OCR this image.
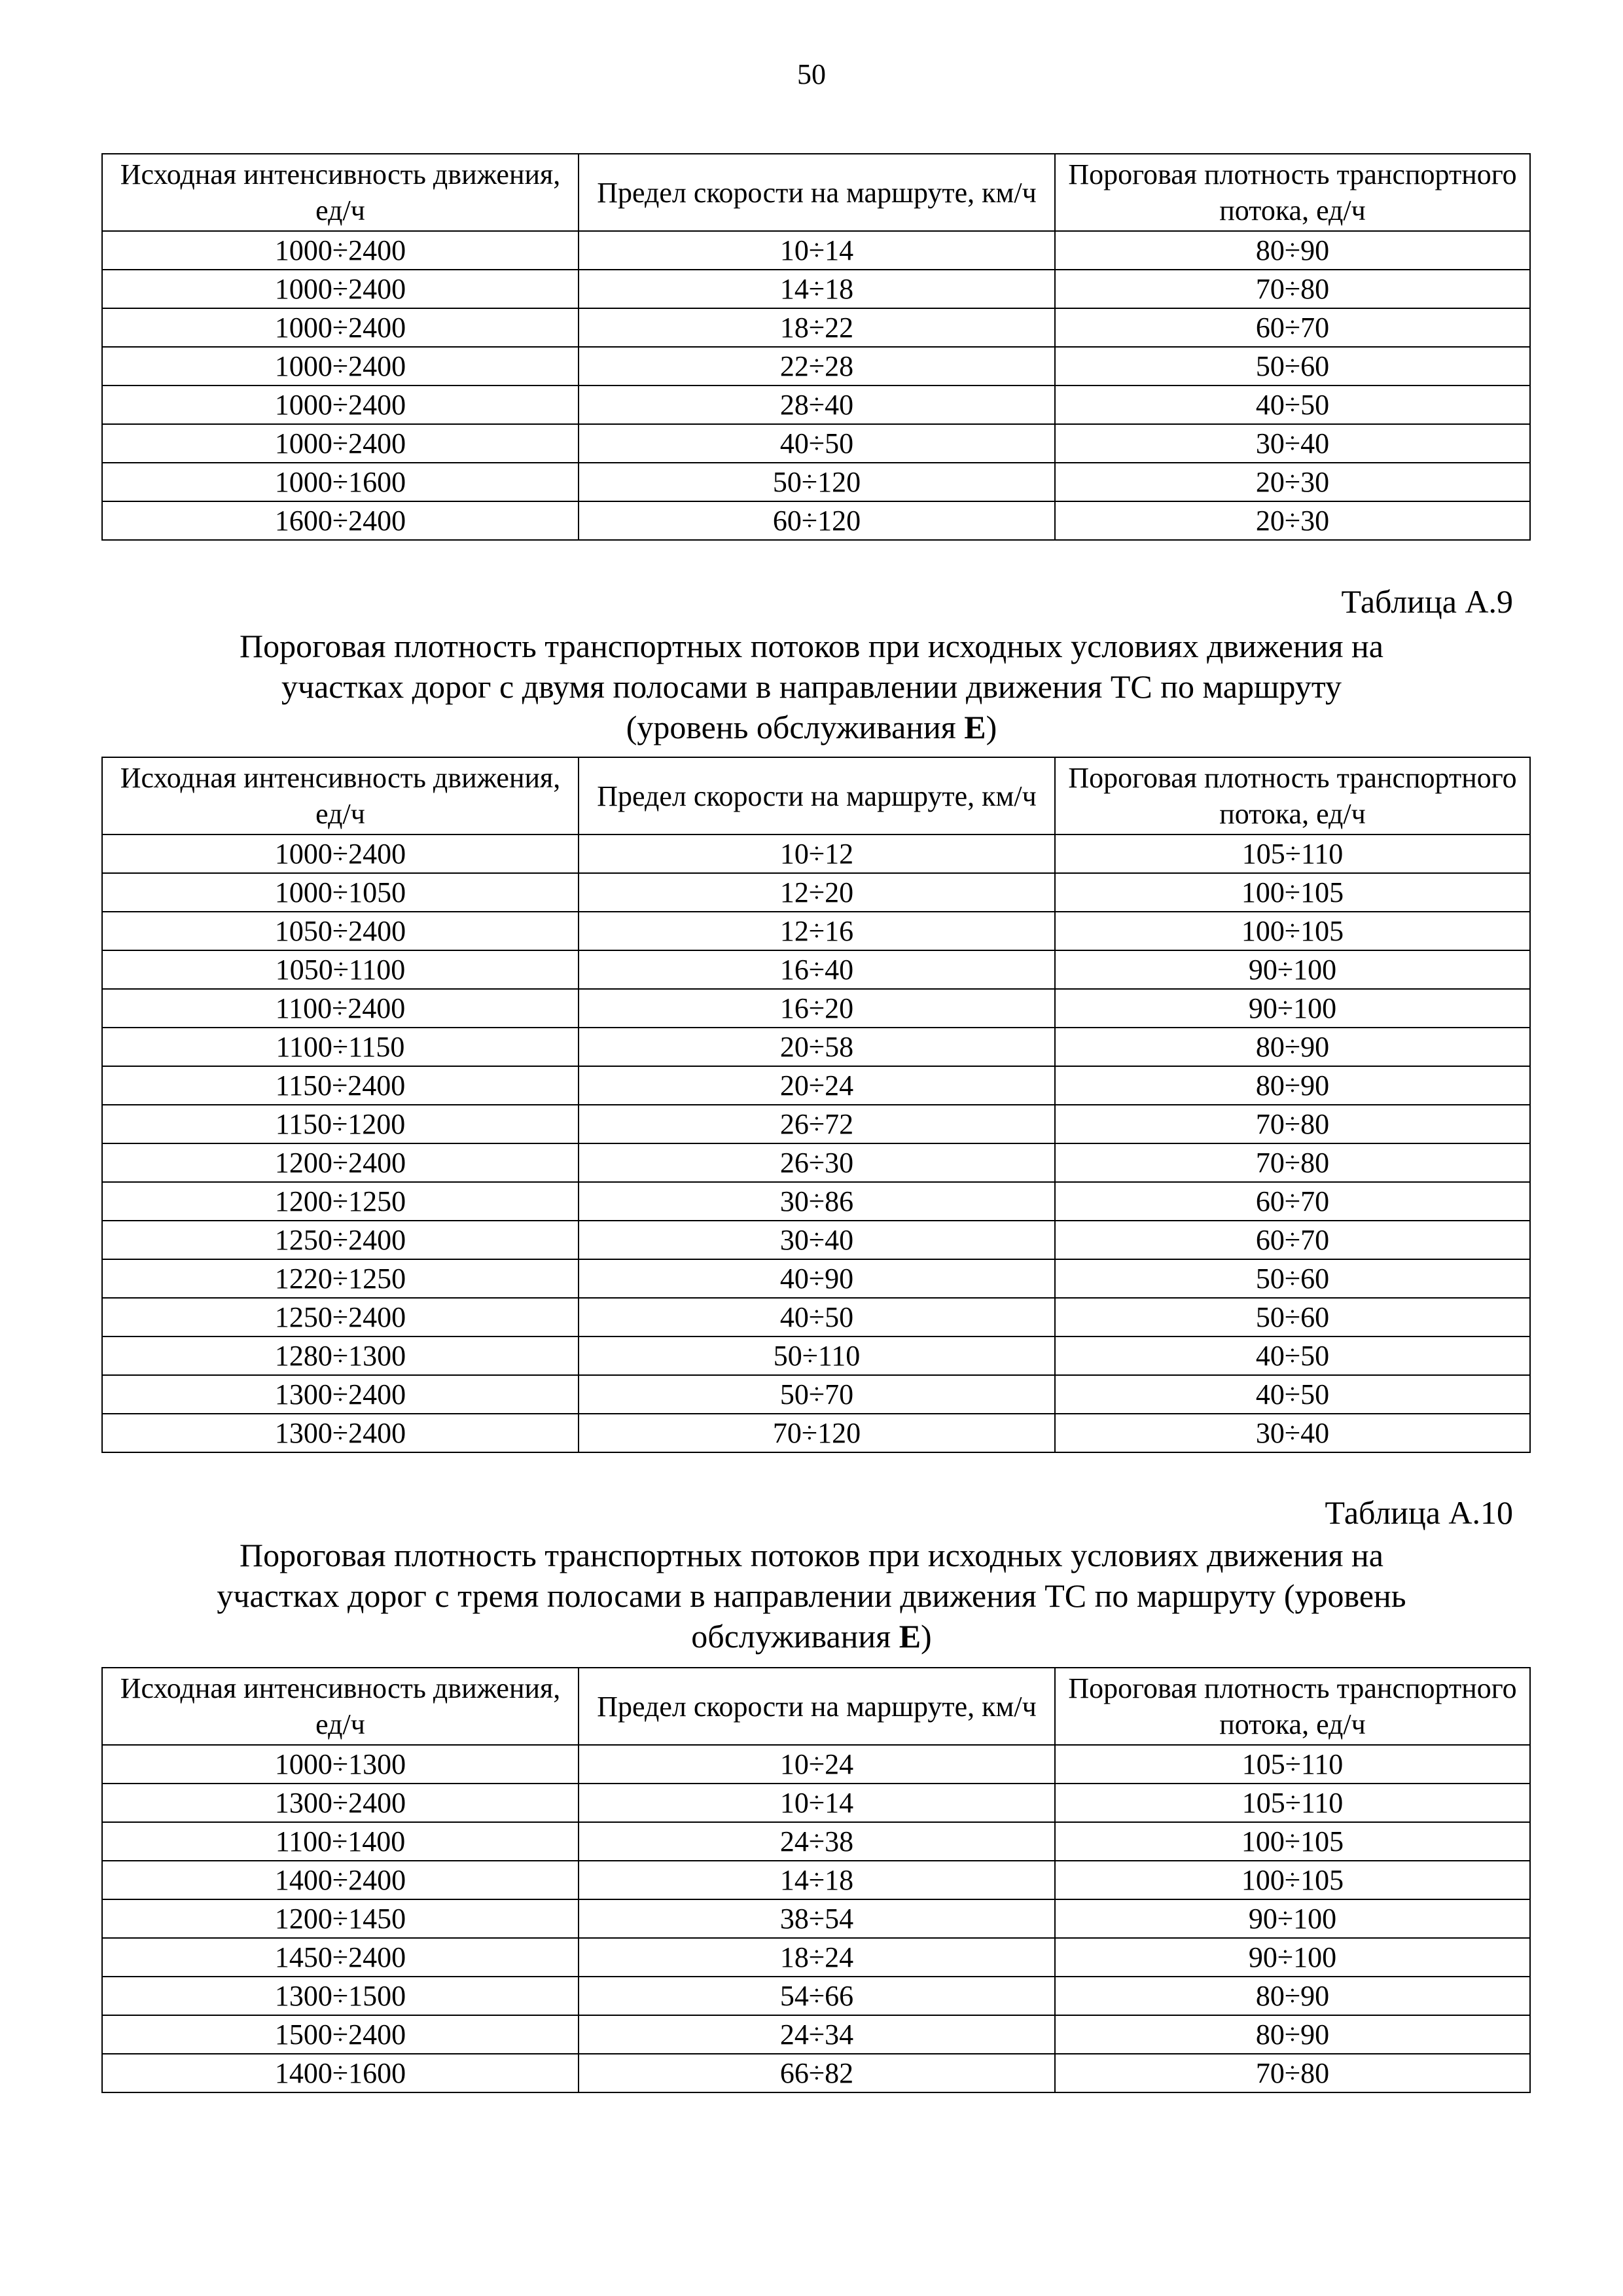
50
Исходная интенсивность движения, ед/ч	Предел скорости на маршруте, км/ч	Пороговая плотность транспортного потока, ед/ч
1000÷2400	10÷14	80÷90
1000÷2400	14÷18	70÷80
1000÷2400	18÷22	60÷70
1000÷2400	22÷28	50÷60
1000÷2400	28÷40	40÷50
1000÷2400	40÷50	30÷40
1000÷1600	50÷120	20÷30
1600÷2400	60÷120	20÷30
Таблица А.9
Пороговая плотность транспортных потоков при исходных условиях движения на
участках дорог с двумя полосами в направлении движения ТС по маршруту
(уровень обслуживания Е)
Исходная интенсивность движения, ед/ч	Предел скорости на маршруте, км/ч	Пороговая плотность транспортного потока, ед/ч
1000÷2400	10÷12	105÷110
1000÷1050	12÷20	100÷105
1050÷2400	12÷16	100÷105
1050÷1100	16÷40	90÷100
1100÷2400	16÷20	90÷100
1100÷1150	20÷58	80÷90
1150÷2400	20÷24	80÷90
1150÷1200	26÷72	70÷80
1200÷2400	26÷30	70÷80
1200÷1250	30÷86	60÷70
1250÷2400	30÷40	60÷70
1220÷1250	40÷90	50÷60
1250÷2400	40÷50	50÷60
1280÷1300	50÷110	40÷50
1300÷2400	50÷70	40÷50
1300÷2400	70÷120	30÷40
Таблица А.10
Пороговая плотность транспортных потоков при исходных условиях движения на
участках дорог с тремя полосами в направлении движения ТС по маршруту (уровень
обслуживания Е)
Исходная интенсивность движения, ед/ч	Предел скорости на маршруте, км/ч	Пороговая плотность транспортного потока, ед/ч
1000÷1300	10÷24	105÷110
1300÷2400	10÷14	105÷110
1100÷1400	24÷38	100÷105
1400÷2400	14÷18	100÷105
1200÷1450	38÷54	90÷100
1450÷2400	18÷24	90÷100
1300÷1500	54÷66	80÷90
1500÷2400	24÷34	80÷90
1400÷1600	66÷82	70÷80
